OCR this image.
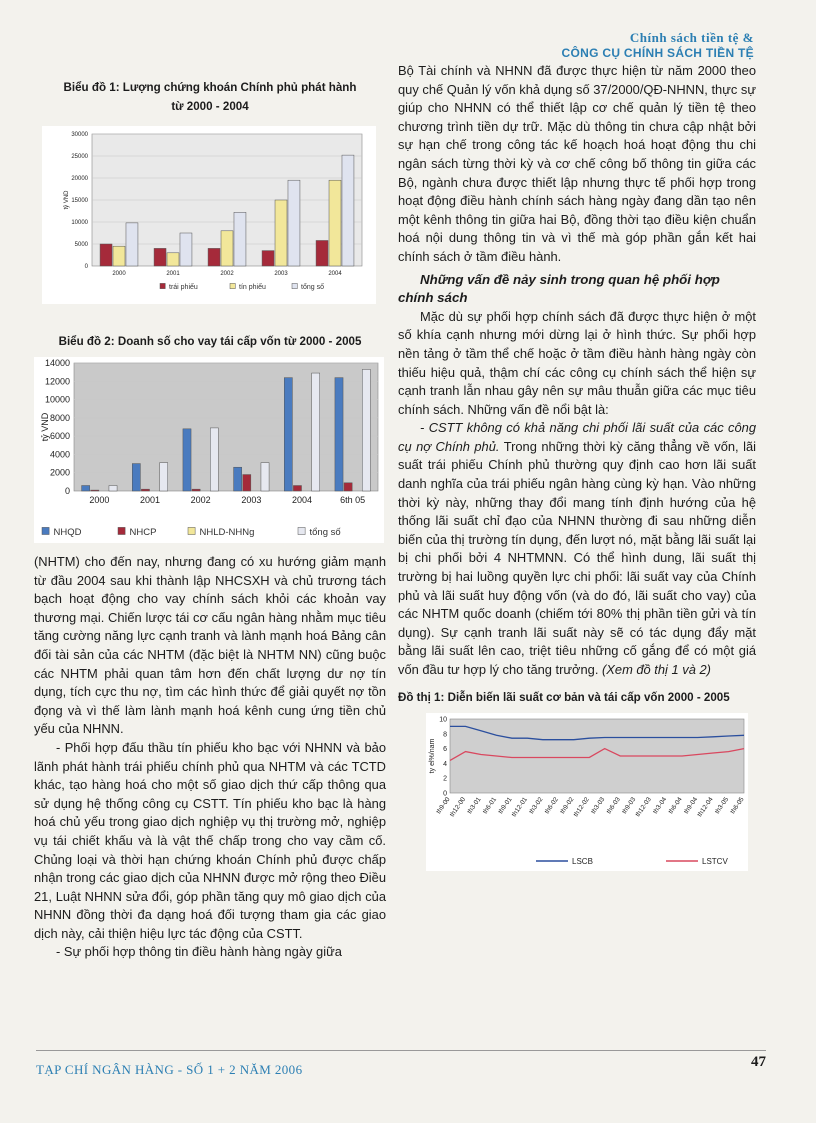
Chính sách tiền tệ &
CÔNG CỤ CHÍNH SÁCH TIỀN TỆ
Biểu đồ 1: Lượng chứng khoán Chính phủ phát hành
từ 2000 - 2004
0
5000
10000
15000
20000
25000
30000
tỷ VND
2000	2001	2002	2003	2004
trái phiếu	tín phiếu	tổng số
Biểu đồ 2: Doanh số cho vay tái cấp vốn từ 2000 - 2005
0
2000
4000
6000
8000
10000
12000
14000
tỷ VND
2000	2001	2002	2003	2004	6th 05
NHQD	NHCP	NHLD-NHNg	tổng số

(NHTM) cho đến nay, nhưng đang có xu hướng giảm mạnh từ đầu 2004 sau khi thành lập NHCSXH và chủ trương tách bạch hoạt động cho vay chính sách khỏi các khoản vay thương mại. Chiến lược tái cơ cấu ngân hàng nhằm mục tiêu tăng cường năng lực cạnh tranh và lành mạnh hoá Bảng cân đối tài sản của các NHTM (đặc biệt là NHTM NN) cũng buộc các NHTM phải quan tâm hơn đến chất lượng dư nợ tín dụng, tích cực thu nợ, tìm các hình thức để giải quyết nợ tồn đọng và vì thế làm lành mạnh hoá kênh cung ứng tiền chủ yếu của NHNN.

- Phối hợp đấu thầu tín phiếu kho bạc với NHNN và bảo lãnh phát hành trái phiếu chính phủ qua NHTM và các TCTD khác, tạo hàng hoá cho một số giao dịch thứ cấp thông qua sử dụng hệ thống công cụ CSTT. Tín phiếu kho bạc là hàng hoá chủ yếu trong giao dịch nghiệp vụ thị trường mở, nghiệp vụ tái chiết khấu và là vật thế chấp trong cho vay cầm cố. Chủng loại và thời hạn chứng khoán Chính phủ được chấp nhận trong các giao dịch của NHNN được mở rộng theo Điều 21, Luật NHNN sửa đổi, góp phần tăng quy mô giao dịch của NHNN đồng thời đa dạng hoá đối tượng tham gia các giao dịch này, cải thiện hiệu lực tác động của CSTT.

- Sự phối hợp thông tin điều hành hàng ngày giữa

Bộ Tài chính và NHNN đã được thực hiện từ năm 2000 theo quy chế Quản lý vốn khả dụng số 37/2000/QĐ-NHNN, thực sự giúp cho NHNN có thể thiết lập cơ chế quản lý tiền tệ theo chương trình tiền dự trữ. Mặc dù thông tin chưa cập nhật bởi sự hạn chế trong công tác kế hoạch hoá hoạt động thu chi ngân sách từng thời kỳ và cơ chế công bố thông tin giữa các Bộ, ngành chưa được thiết lập nhưng thực tế phối hợp trong hoạt động điều hành chính sách hàng ngày đang dần tạo nên một kênh thông tin giữa hai Bộ, đồng thời tạo điều kiện chuẩn hoá nội dung thông tin và vì thế mà góp phần gắn kết hai chính sách ở tầm điều hành.

Những vấn đề nảy sinh trong quan hệ phối hợp chính sách

Mặc dù sự phối hợp chính sách đã được thực hiện ở một số khía cạnh nhưng mới dừng lại ở hình thức. Sự phối hợp nền tảng ở tầm thể chế hoặc ở tầm điều hành hàng ngày còn thiếu hiệu quả, thậm chí các công cụ chính sách thể hiện sự cạnh tranh lẫn nhau gây nên sự mâu thuẫn giữa các mục tiêu chính sách. Những vấn đề nổi bật là:

- CSTT không có khả năng chi phối lãi suất của các công cụ nợ Chính phủ. Trong những thời kỳ căng thẳng về vốn, lãi suất trái phiếu Chính phủ thường quy định cao hơn lãi suất danh nghĩa của trái phiếu ngân hàng cùng kỳ hạn. Vào những thời kỳ này, những thay đổi mang tính định hướng của hệ thống lãi suất chỉ đạo của NHNN thường đi sau những diễn biến của thị trường tín dụng, đến lượt nó, mặt bằng lãi suất lại bị chi phối bởi 4 NHTMNN. Có thể hình dung, lãi suất thị trường bị hai luồng quyền lực chi phối: lãi suất vay của Chính phủ và lãi suất huy động vốn (và do đó, lãi suất cho vay) của các NHTM quốc doanh (chiếm tới 80% thị phần tiền gửi và tín dụng). Sự cạnh tranh lãi suất này sẽ có tác dụng đẩy mặt bằng lãi suất lên cao, triệt tiêu những cố gắng để có một giá vốn đầu tư hợp lý cho tăng trưởng. (Xem đồ thị 1 và 2)

Đồ thị 1: Diễn biến lãi suất cơ bản và tái cấp vốn 2000 - 2005
0
2
4
6
8
10
ty el%/nam
th9-00
th12-00 th3-01 th6-01 th9-01
th12-01 th3-02 th6-02 th9-02
th12-02 th3-03 th6-03 th9-03
th12-03 th3-04 th6-04 th9-04
th12-04 th3-05 th6-05
LSCB	LSTCV
TẠP CHÍ NGÂN HÀNG - SỐ 1 + 2 NĂM 2006	47
